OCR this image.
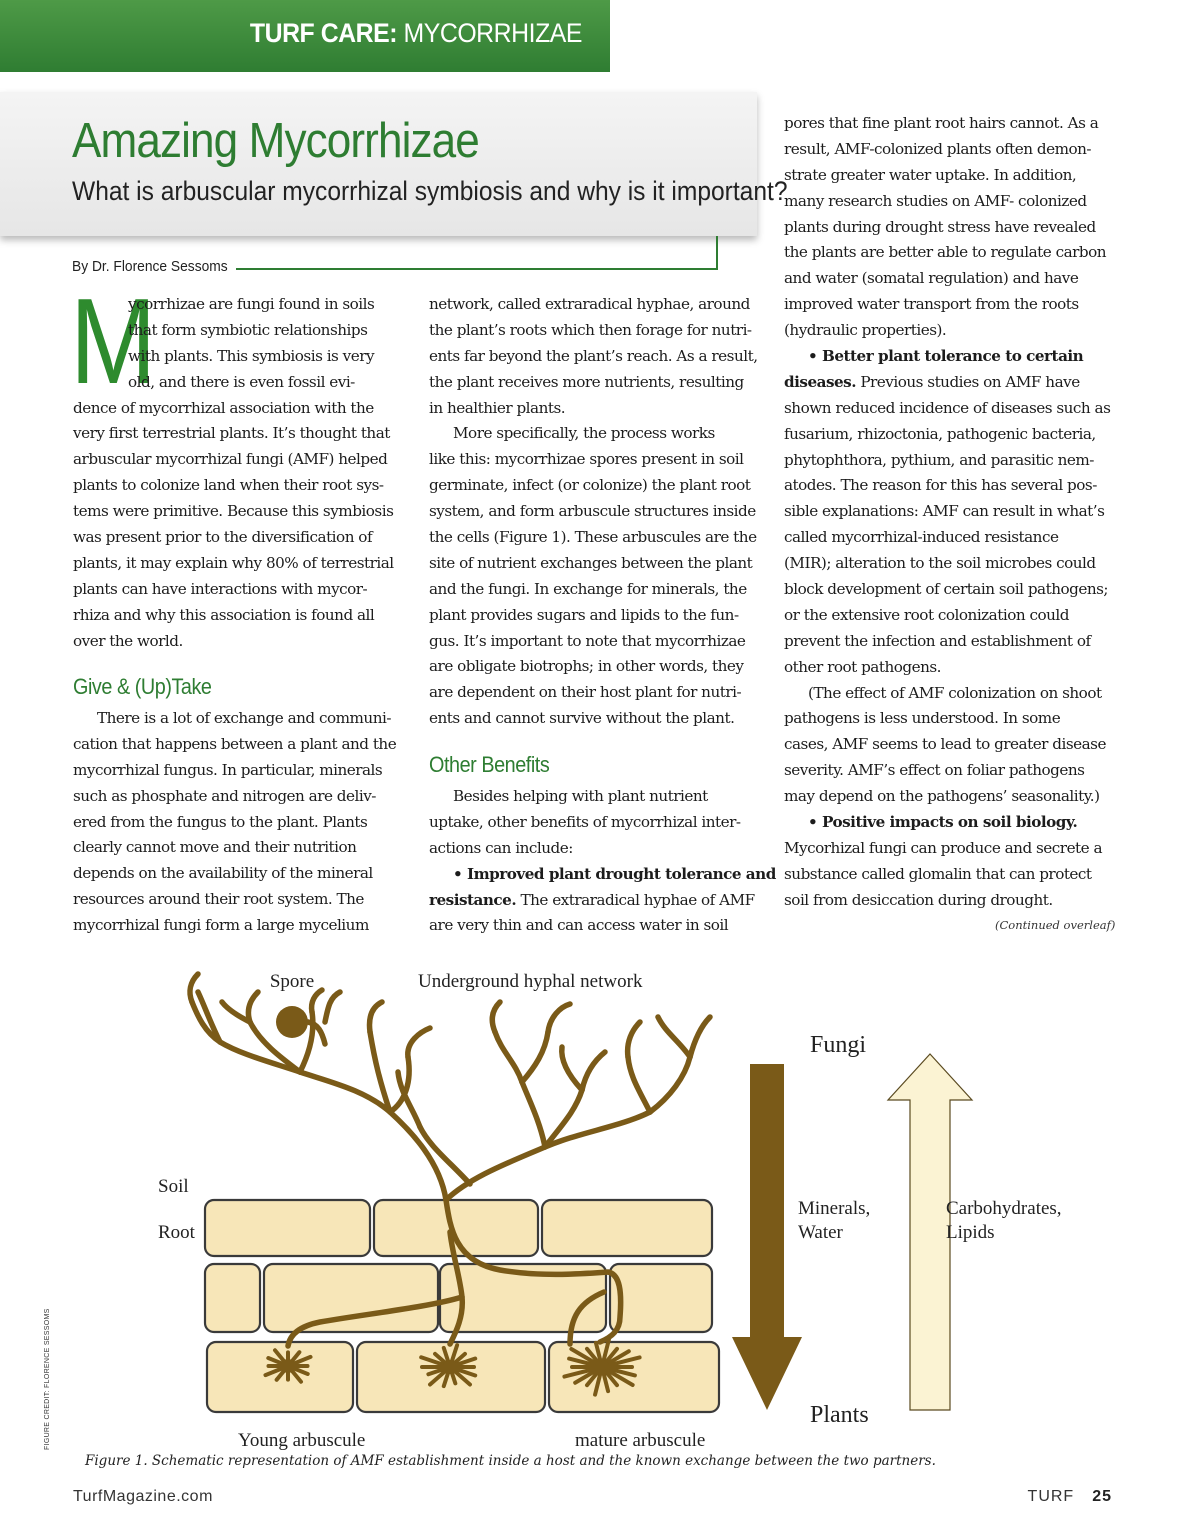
TURF CARE: MYCORRHIZAE
Amazing Mycorrhizae
What is arbuscular mycorrhizal symbiosis and why is it important?
By Dr. Florence Sessoms
M
ycorrhizae are fungi found in soils
that form symbiotic relationships
with plants. This symbiosis is very
old, and there is even fossil evi-
dence of mycorrhizal association with the
very first terrestrial plants. It’s thought that
arbuscular mycorrhizal fungi (AMF) helped
plants to colonize land when their root sys-
tems were primitive. Because this symbiosis
was present prior to the diversification of
plants, it may explain why 80% of terrestrial
plants can have interactions with mycor-
rhiza and why this association is found all
over the world.
Give & (Up)Take
There is a lot of exchange and communi-
cation that happens between a plant and the
mycorrhizal fungus. In particular, minerals
such as phosphate and nitrogen are deliv-
ered from the fungus to the plant. Plants
clearly cannot move and their nutrition
depends on the availability of the mineral
resources around their root system. The
mycorrhizal fungi form a large mycelium
network, called extraradical hyphae, around
the plant’s roots which then forage for nutri-
ents far beyond the plant’s reach. As a result,
the plant receives more nutrients, resulting
in healthier plants.
More specifically, the process works
like this: mycorrhizae spores present in soil
germinate, infect (or colonize) the plant root
system, and form arbuscule structures inside
the cells (Figure 1). These arbuscules are the
site of nutrient exchanges between the plant
and the fungi. In exchange for minerals, the
plant provides sugars and lipids to the fun-
gus. It’s important to note that mycorrhizae
are obligate biotrophs; in other words, they
are dependent on their host plant for nutri-
ents and cannot survive without the plant.
Other Benefits
Besides helping with plant nutrient
uptake, other benefits of mycorrhizal inter-
actions can include:
• Improved plant drought tolerance and
resistance. The extraradical hyphae of AMF
are very thin and can access water in soil
pores that fine plant root hairs cannot. As a
result, AMF-colonized plants often demon-
strate greater water uptake. In addition,
many research studies on AMF- colonized
plants during drought stress have revealed
the plants are better able to regulate carbon
and water (somatal regulation) and have
improved water transport from the roots
(hydraulic properties).
• Better plant tolerance to certain
diseases. Previous studies on AMF have
shown reduced incidence of diseases such as
fusarium, rhizoctonia, pathogenic bacteria,
phytophthora, pythium, and parasitic nem-
atodes. The reason for this has several pos-
sible explanations: AMF can result in what’s
called mycorrhizal-induced resistance
(MIR); alteration to the soil microbes could
block development of certain soil pathogens;
or the extensive root colonization could
prevent the infection and establishment of
other root pathogens.
(The effect of AMF colonization on shoot
pathogens is less understood. In some
cases, AMF seems to lead to greater disease
severity. AMF’s effect on foliar pathogens
may depend on the pathogens’ seasonality.)
• Positive impacts on soil biology.
Mycorhizal fungi can produce and secrete a
substance called glomalin that can protect
soil from desiccation during drought.
(Continued overleaf)
Spore	Underground hyphal network
Soil
Root
Young arbuscule	mature arbuscule
Fungi
Plants
Minerals,
Water
Carbohydrates,
Lipids
Figure 1. Schematic representation of AMF establishment inside a host and the known exchange between the two partners.
FIGURE CREDIT: FLORENCE SESSOMS
TurfMagazine.com	TURF 25
